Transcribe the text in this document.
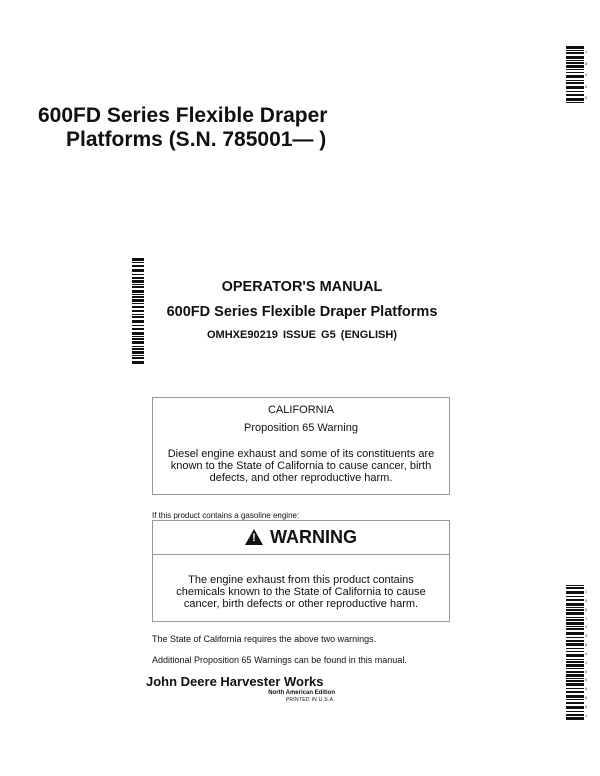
1
8
2
0
5
600FD Series Flexible Draper
Platforms (S.N. 785001— )
OPERATOR'S MANUAL
600FD Series Flexible Draper Platforms
OMHXE90219 ISSUE G5 (ENGLISH)
CALIFORNIA
Proposition 65 Warning
Diesel engine exhaust and some of its constituents are known to the State of California to cause cancer, birth defects, and other reproductive harm.
If this product contains a gasoline engine:
! WARNING
The engine exhaust from this product contains chemicals known to the State of California to cause cancer, birth defects or other reproductive harm.
The State of California requires the above two warnings.
Additional Proposition 65 Warnings can be found in this manual.
John Deere Harvester Works
North American Edition
PRINTED IN U.S.A.
1
5
8
1
2
3
8
4
1
6
5
8
6
0
1
